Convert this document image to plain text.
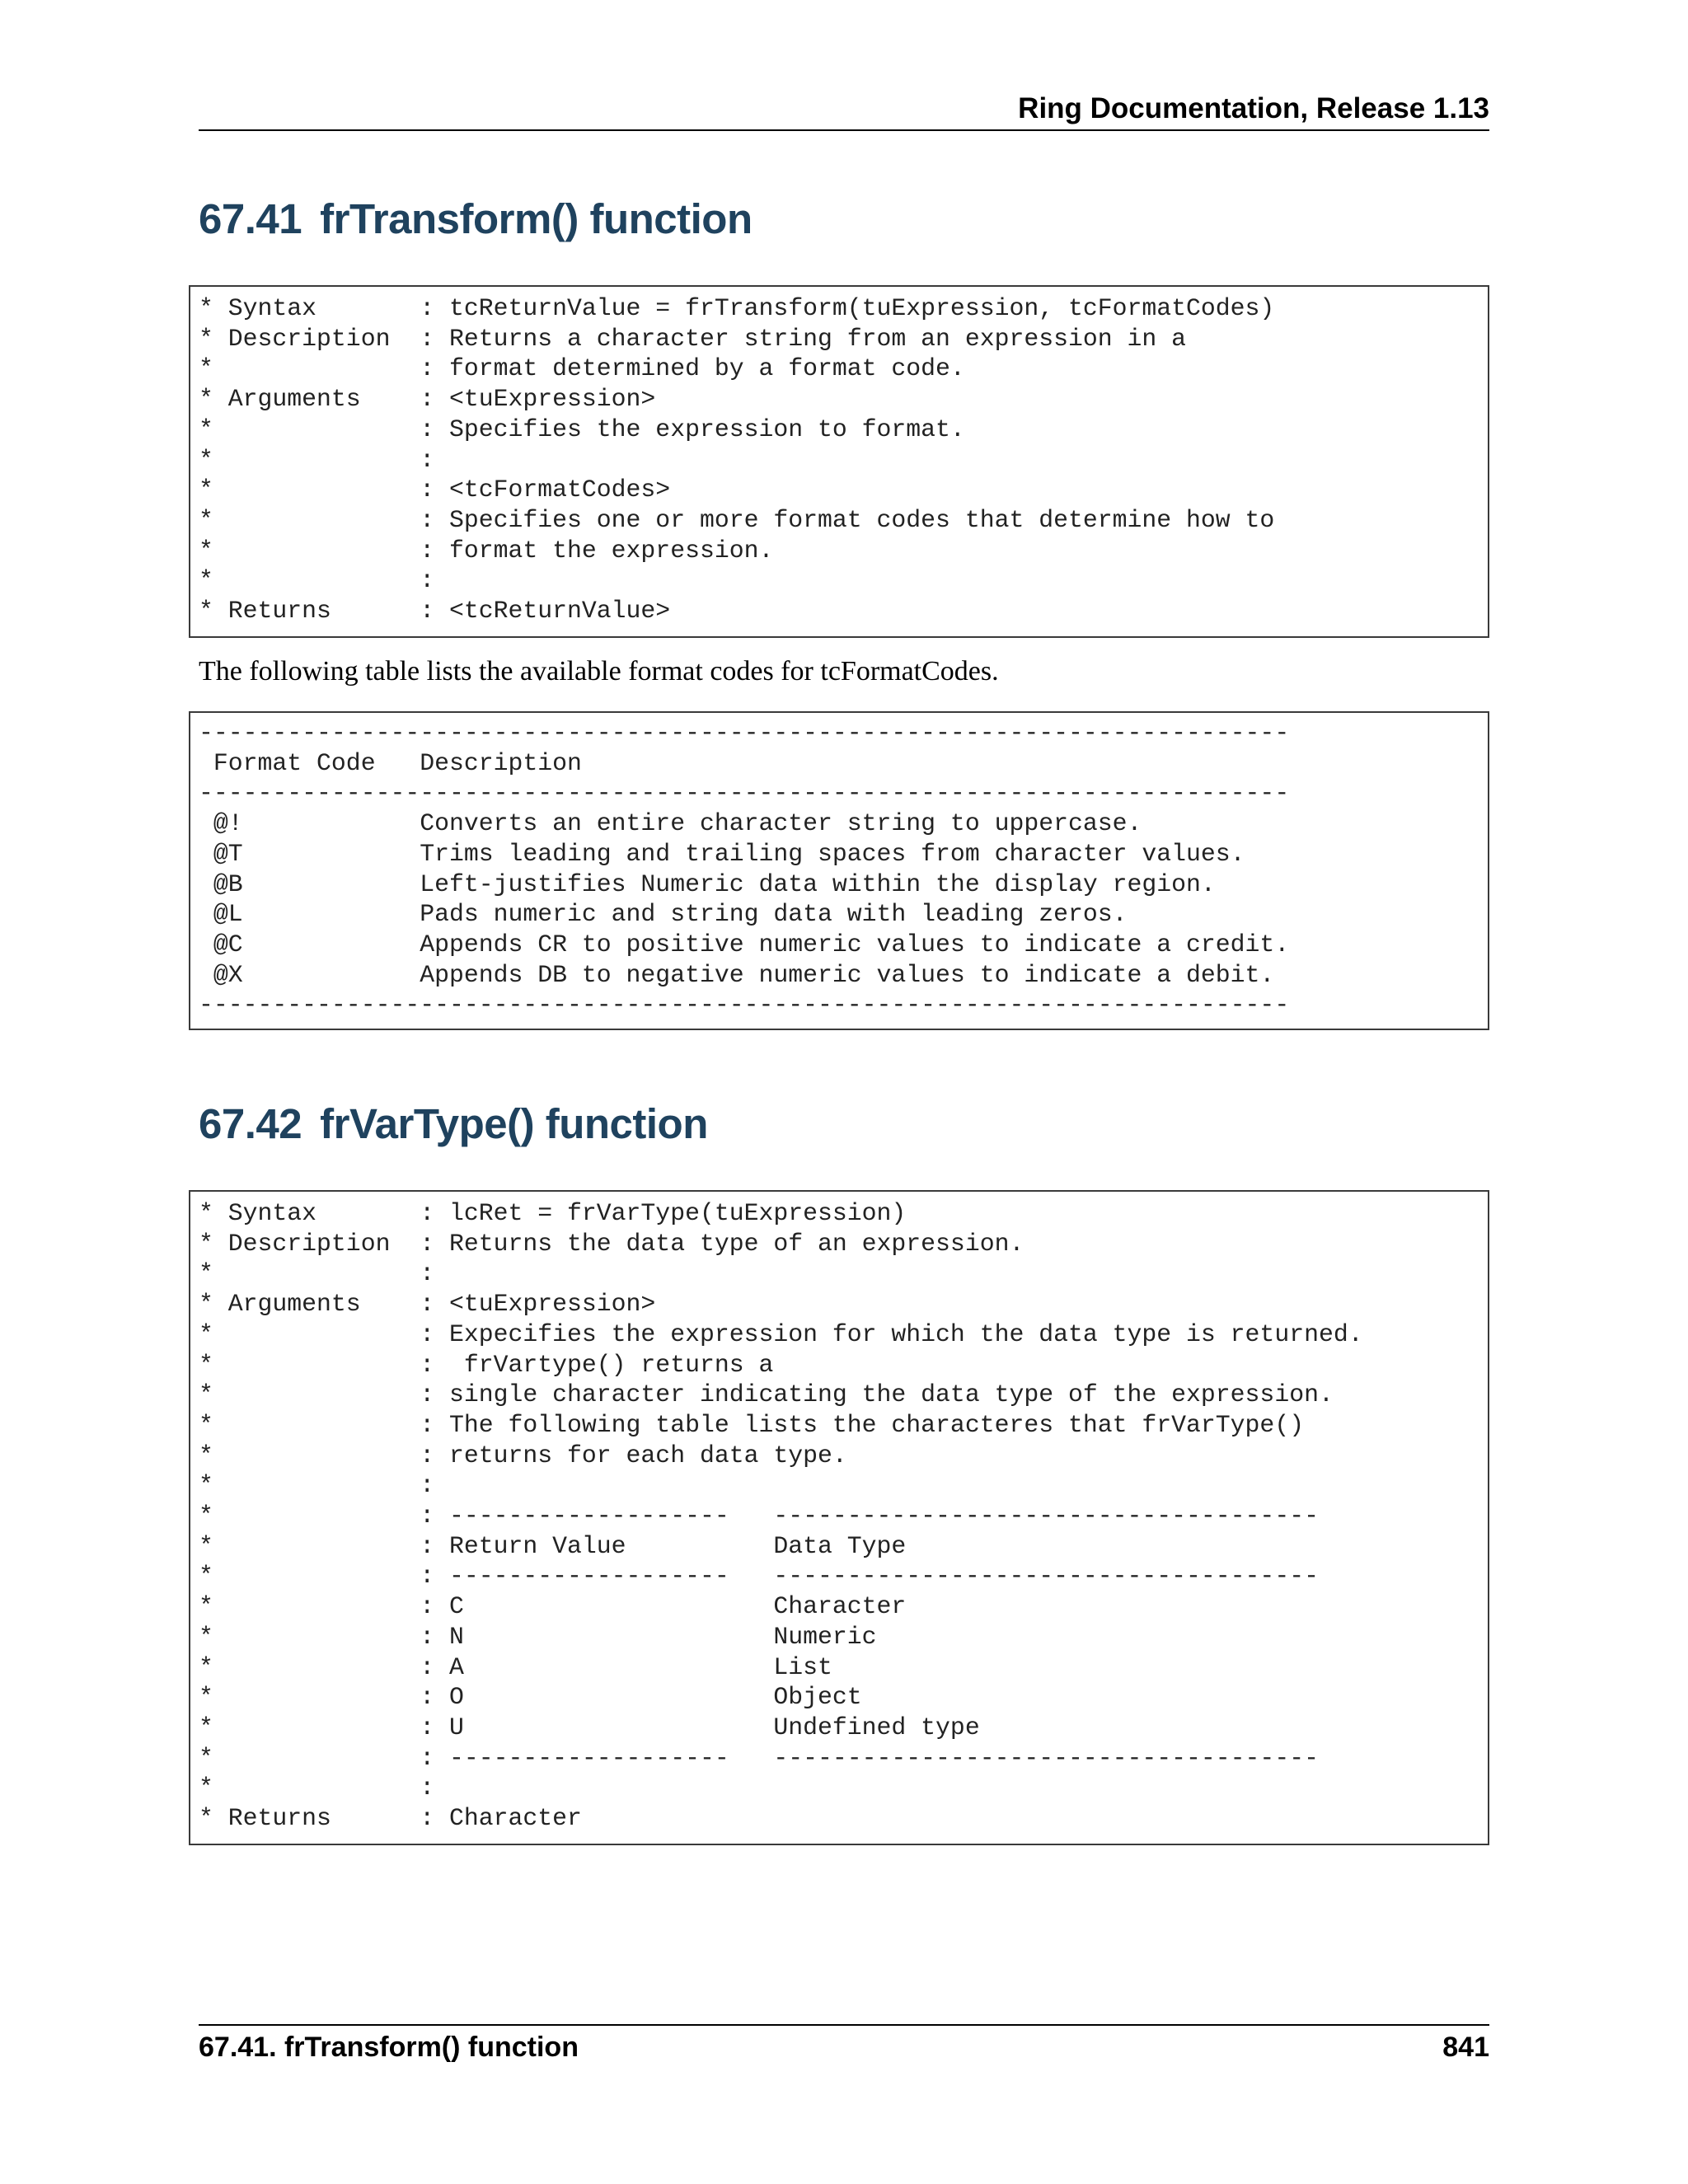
Ring Documentation, Release 1.13
67.41 frTransform() function
* Syntax       : tcReturnValue = frTransform(tuExpression, tcFormatCodes)
* Description  : Returns a character string from an expression in a
*              : format determined by a format code.
* Arguments    : <tuExpression>
*              : Specifies the expression to format.
*              :
*              : <tcFormatCodes>
*              : Specifies one or more format codes that determine how to
*              : format the expression.
*              :
* Returns      : <tcReturnValue>

The following table lists the available format codes for tcFormatCodes.

--------------------------------------------------------------------------
Format Code   Description
--------------------------------------------------------------------------
@!            Converts an entire character string to uppercase.
@T            Trims leading and trailing spaces from character values.
@B            Left-justifies Numeric data within the display region.
@L            Pads numeric and string data with leading zeros.
@C            Appends CR to positive numeric values to indicate a credit.
@X            Appends DB to negative numeric values to indicate a debit.
--------------------------------------------------------------------------
67.42 frVarType() function
* Syntax       : lcRet = frVarType(tuExpression)
* Description  : Returns the data type of an expression.
*              :
* Arguments    : <tuExpression>
*              : Expecifies the expression for which the data type is returned.
*              :  frVartype() returns a
*              : single character indicating the data type of the expression.
*              : The following table lists the characteres that frVarType()
*              : returns for each data type.
*              :
*              : -------------------   -------------------------------------
*              : Return Value          Data Type
*              : -------------------   -------------------------------------
*              : C                     Character
*              : N                     Numeric
*              : A                     List
*              : O                     Object
*              : U                     Undefined type
*              : -------------------   -------------------------------------
*              :
* Returns      : Character
67.41. frTransform() function	841
